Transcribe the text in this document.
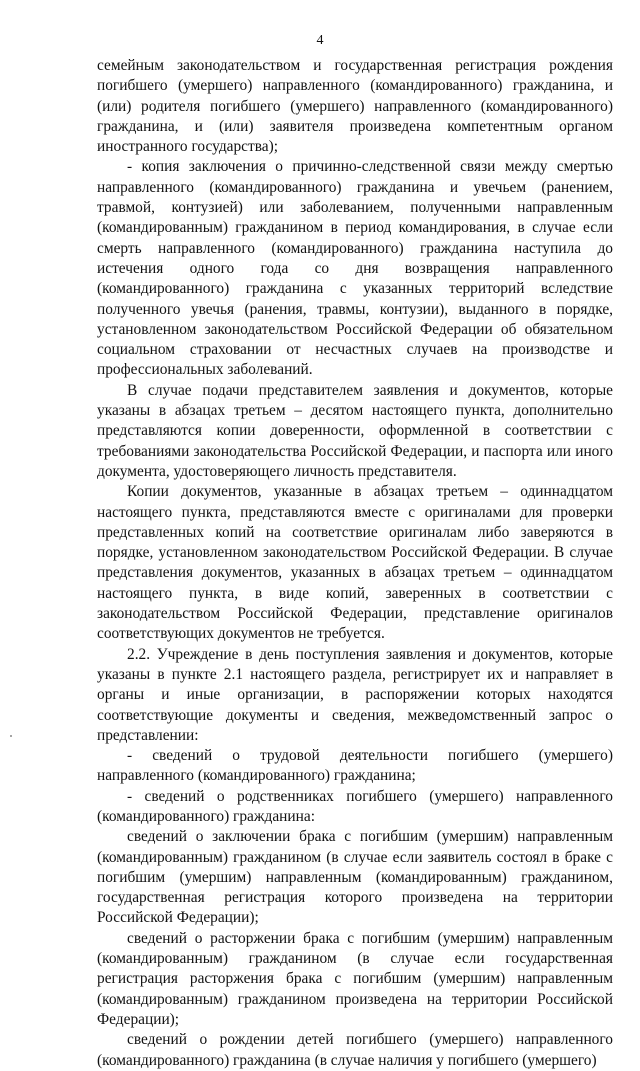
4

семейным законодательством и государственная регистрация рождения погибшего (умершего) направленного (командированного) гражданина, и (или) родителя погибшего (умершего) направленного (командированного) гражданина, и (или) заявителя произведена компетентным органом иностранного государства);

- копия заключения о причинно-следственной связи между смертью направленного (командированного) гражданина и увечьем (ранением, травмой, контузией) или заболеванием, полученными направленным (командированным) гражданином в период командирования, в случае если смерть направленного (командированного) гражданина наступила до истечения одного года со дня возвращения направленного (командированного) гражданина с указанных территорий вследствие полученного увечья (ранения, травмы, контузии), выданного в порядке, установленном законодательством Российской Федерации об обязательном социальном страховании от несчастных случаев на производстве и профессиональных заболеваний.

В случае подачи представителем заявления и документов, которые указаны в абзацах третьем – десятом настоящего пункта, дополнительно представляются копии доверенности, оформленной в соответствии с требованиями законодательства Российской Федерации, и паспорта или иного документа, удостоверяющего личность представителя.

Копии документов, указанные в абзацах третьем – одиннадцатом настоящего пункта, представляются вместе с оригиналами для проверки представленных копий на соответствие оригиналам либо заверяются в порядке, установленном законодательством Российской Федерации. В случае представления документов, указанных в абзацах третьем – одиннадцатом настоящего пункта, в виде копий, заверенных в соответствии с законодательством Российской Федерации, представление оригиналов соответствующих документов не требуется.

2.2. Учреждение в день поступления заявления и документов, которые указаны в пункте 2.1 настоящего раздела, регистрирует их и направляет в органы и иные организации, в распоряжении которых находятся соответствующие документы и сведения, межведомственный запрос о представлении:

- сведений о трудовой деятельности погибшего (умершего) направленного (командированного) гражданина;

- сведений о родственниках погибшего (умершего) направленного (командированного) гражданина:

сведений о заключении брака с погибшим (умершим) направленным (командированным) гражданином (в случае если заявитель состоял в браке с погибшим (умершим) направленным (командированным) гражданином, государственная регистрация которого произведена на территории Российской Федерации);

сведений о расторжении брака с погибшим (умершим) направленным (командированным) гражданином (в случае если государственная регистрация расторжения брака с погибшим (умершим) направленным (командированным) гражданином произведена на территории Российской Федерации);

сведений о рождении детей погибшего (умершего) направленного (командированного) гражданина (в случае наличия у погибшего (умершего)
